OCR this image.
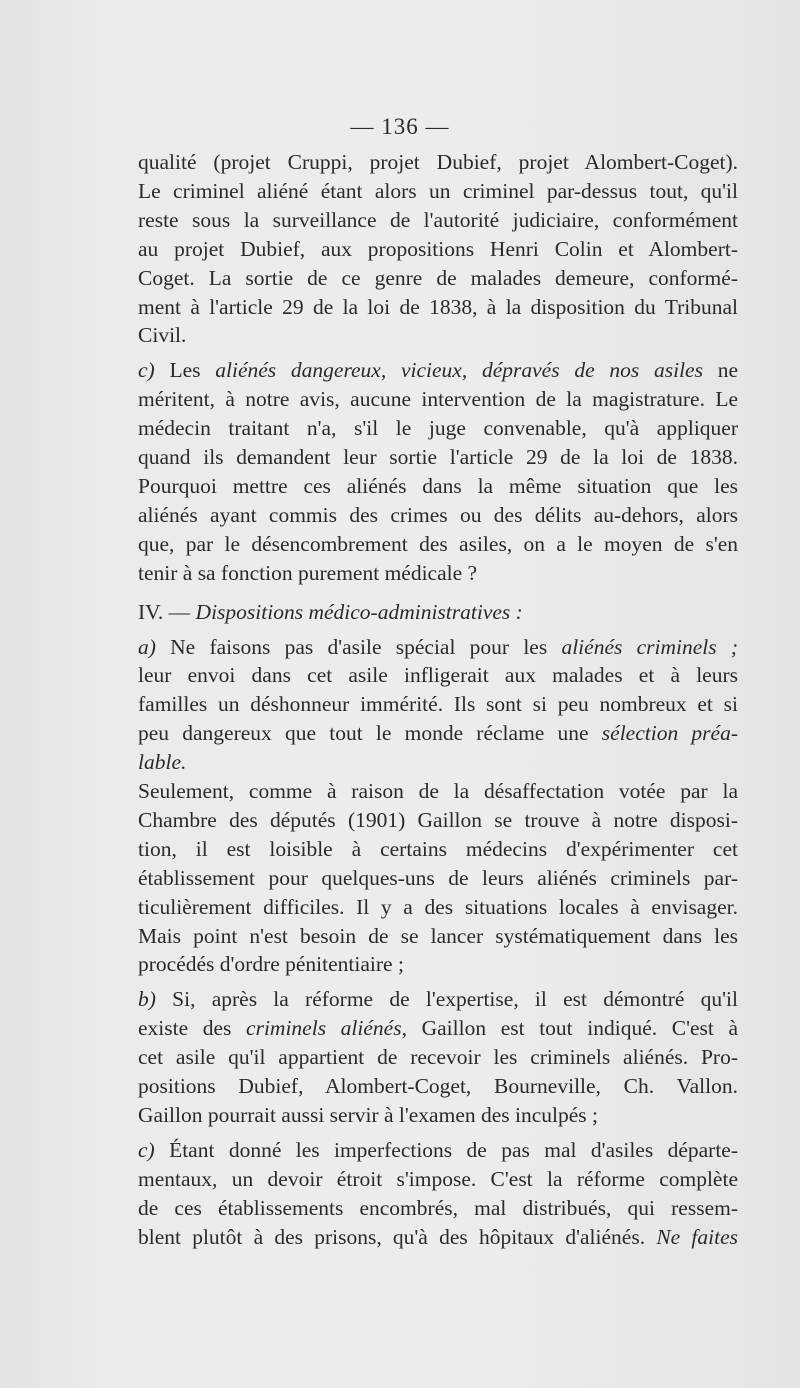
— 136 —
qualité (projet Cruppi, projet Dubief, projet Alombert-Coget).
Le criminel aliéné étant alors un criminel par-dessus tout, qu'il
reste sous la surveillance de l'autorité judiciaire, conformément
au projet Dubief, aux propositions Henri Colin et Alombert-
Coget. La sortie de ce genre de malades demeure, conformé-
ment à l'article 29 de la loi de 1838, à la disposition du Tribunal
Civil.
c) Les aliénés dangereux, vicieux, dépravés de nos asiles ne
méritent, à notre avis, aucune intervention de la magistrature. Le
médecin traitant n'a, s'il le juge convenable, qu'à appliquer
quand ils demandent leur sortie l'article 29 de la loi de 1838.
Pourquoi mettre ces aliénés dans la même situation que les
aliénés ayant commis des crimes ou des délits au-dehors, alors
que, par le désencombrement des asiles, on a le moyen de s'en
tenir à sa fonction purement médicale ?
IV. — Dispositions médico-administratives :
a) Ne faisons pas d'asile spécial pour les aliénés criminels ;
leur envoi dans cet asile infligerait aux malades et à leurs
familles un déshonneur immérité. Ils sont si peu nombreux et si
peu dangereux que tout le monde réclame une sélection préa-
lable.
Seulement, comme à raison de la désaffectation votée par la
Chambre des députés (1901) Gaillon se trouve à notre disposi-
tion, il est loisible à certains médecins d'expérimenter cet
établissement pour quelques-uns de leurs aliénés criminels par-
ticulièrement difficiles. Il y a des situations locales à envisager.
Mais point n'est besoin de se lancer systématiquement dans les
procédés d'ordre pénitentiaire ;
b) Si, après la réforme de l'expertise, il est démontré qu'il
existe des criminels aliénés, Gaillon est tout indiqué. C'est à
cet asile qu'il appartient de recevoir les criminels aliénés. Pro-
positions Dubief, Alombert-Coget, Bourneville, Ch. Vallon.
Gaillon pourrait aussi servir à l'examen des inculpés ;
c) Étant donné les imperfections de pas mal d'asiles départe-
mentaux, un devoir étroit s'impose. C'est la réforme complète
de ces établissements encombrés, mal distribués, qui ressem-
blent plutôt à des prisons, qu'à des hôpitaux d'aliénés. Ne faites
